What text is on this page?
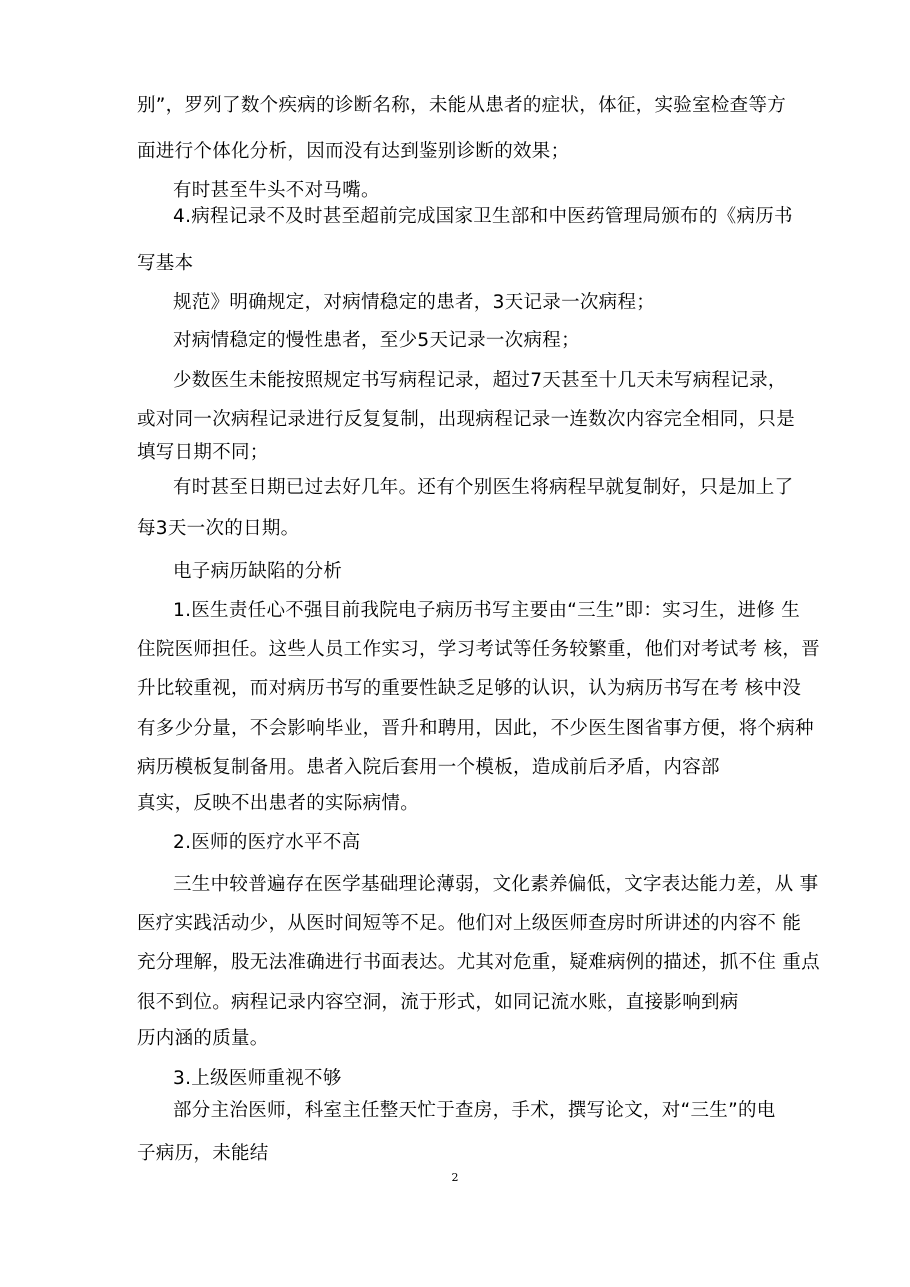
别”，罗列了数个疾病的诊断名称，未能从患者的症状，体征，实验室检查等方
面进行个体化分析，因而没有达到鉴别诊断的效果；
有时甚至牛头不对马嘴。
4.病程记录不及时甚至超前完成国家卫生部和中医药管理局颁布的《病历书
写基本
规范》明确规定，对病情稳定的患者，3天记录一次病程；
对病情稳定的慢性患者，至少5天记录一次病程；
少数医生未能按照规定书写病程记录，超过7天甚至十几天未写病程记录，
或对同一次病程记录进行反复复制，出现病程记录一连数次内容完全相同，只是
填写日期不同；
有时甚至日期已过去好几年。还有个别医生将病程早就复制好，只是加上了
每3天一次的日期。
电子病历缺陷的分析
1.医生责任心不强目前我院电子病历书写主要由“三生”即：实习生，进修 生
住院医师担任。这些人员工作实习，学习考试等任务较繁重，他们对考试考 核，晋
升比较重视，而对病历书写的重要性缺乏足够的认识，认为病历书写在考 核中没
有多少分量，不会影响毕业，晋升和聘用，因此，不少医生图省事方便，将个病种
病历模板复制备用。患者入院后套用一个模板，造成前后矛盾，内容部
真实，反映不出患者的实际病情。
2.医师的医疗水平不高
三生中较普遍存在医学基础理论薄弱，文化素养偏低，文字表达能力差，从 事
医疗实践活动少，从医时间短等不足。他们对上级医师查房时所讲述的内容不 能
充分理解，股无法准确进行书面表达。尤其对危重，疑难病例的描述，抓不住 重点
很不到位。病程记录内容空洞，流于形式，如同记流水账，直接影响到病
历内涵的质量。
3.上级医师重视不够
部分主治医师，科室主任整天忙于查房，手术，撰写论文，对“三生”的电
子病历，未能结
2
